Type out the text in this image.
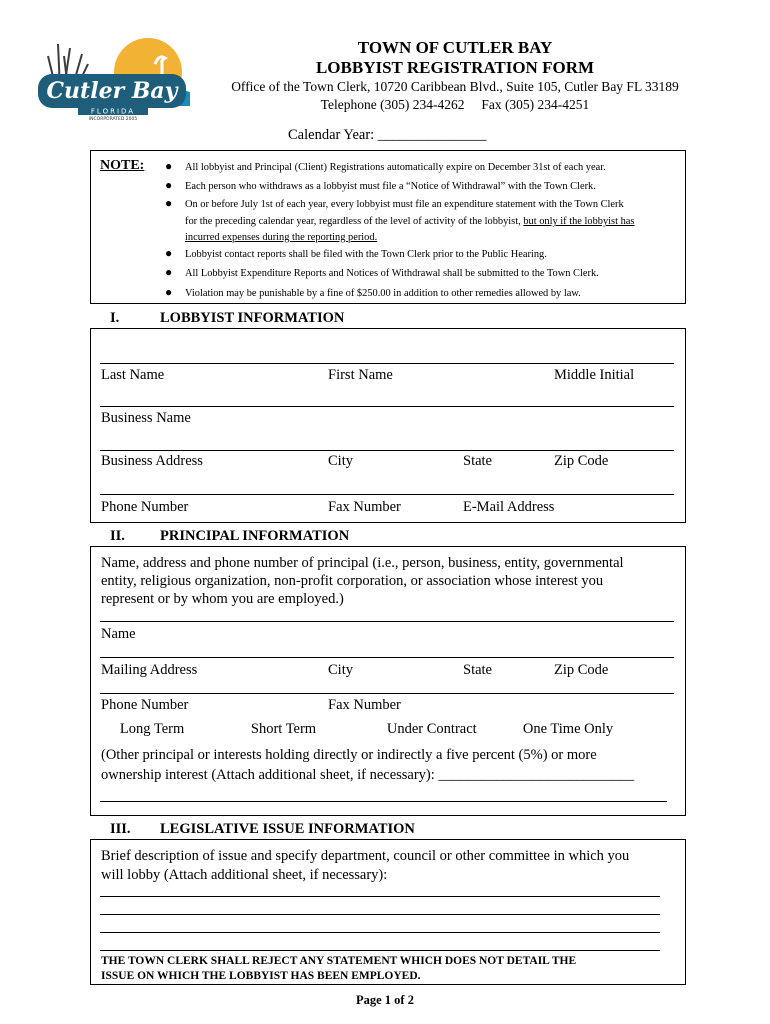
Cutler Bay
FLORIDA
INCORPORATED 2005
TOWN OF CUTLER BAY
LOBBYIST REGISTRATION FORM
Office of the Town Clerk, 10720 Caribbean Blvd., Suite 105, Cutler Bay FL 33189
Telephone (305) 234-4262     Fax (305) 234-4251
Calendar Year: _______________
NOTE: ● All lobbyist and Principal (Client) Registrations automatically expire on December 31st of each year.
● Each person who withdraws as a lobbyist must file a “Notice of Withdrawal” with the Town Clerk.
● On or before July 1st of each year, every lobbyist must file an expenditure statement with the Town Clerk
for the preceding calendar year, regardless of the level of activity of the lobbyist, but only if the lobbyist has
incurred expenses during the reporting period.
● Lobbyist contact reports shall be filed with the Town Clerk prior to the Public Hearing.
● All Lobbyist Expenditure Reports and Notices of Withdrawal shall be submitted to the Town Clerk.
● Violation may be punishable by a fine of $250.00 in addition to other remedies allowed by law.
I.	LOBBYIST INFORMATION
Last Name	First Name	Middle Initial
Business Name
Business Address	City	State	Zip Code
Phone Number	Fax Number	E-Mail Address
II. PRINCIPAL INFORMATION
Name, address and phone number of principal (i.e., person, business, entity, governmental
entity, religious organization, non-profit corporation, or association whose interest you
represent or by whom you are employed.)
Name
Mailing Address	City	State	Zip Code
Phone Number	Fax Number
Long Term	Short Term	Under Contract	One Time Only
(Other principal or interests holding directly or indirectly a five percent (5%) or more
ownership interest (Attach additional sheet, if necessary): ___________________________
III. LEGISLATIVE ISSUE INFORMATION
Brief description of issue and specify department, council or other committee in which you
will lobby (Attach additional sheet, if necessary):
THE TOWN CLERK SHALL REJECT ANY STATEMENT WHICH DOES NOT DETAIL THE
ISSUE ON WHICH THE LOBBYIST HAS BEEN EMPLOYED.
Page 1 of 2
